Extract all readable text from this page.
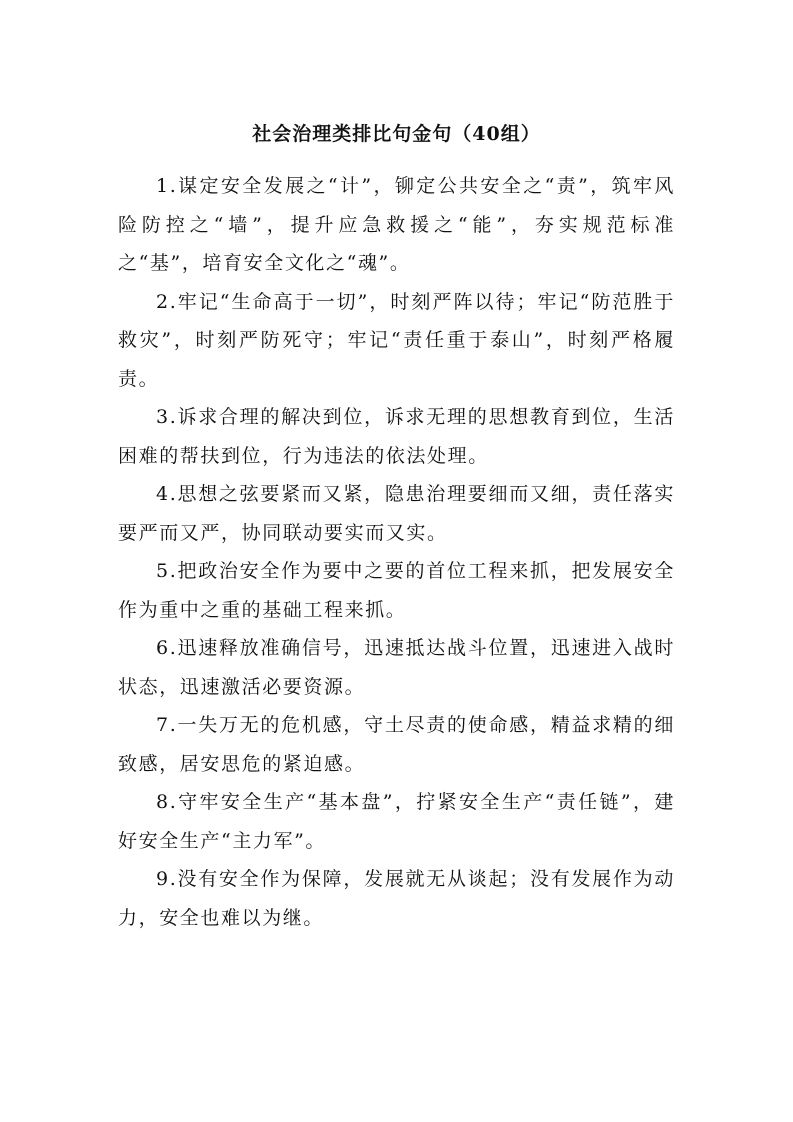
社会治理类排比句金句（40组）

1.谋定安全发展之“计”，铆定公共安全之“责”，筑牢风险防控之“墙”，提升应急救援之“能”，夯实规范标准之“基”，培育安全文化之“魂”。

2.牢记“生命高于一切”，时刻严阵以待；牢记“防范胜于救灾”，时刻严防死守；牢记“责任重于泰山”，时刻严格履责。

3.诉求合理的解决到位，诉求无理的思想教育到位，生活困难的帮扶到位，行为违法的依法处理。

4.思想之弦要紧而又紧，隐患治理要细而又细，责任落实要严而又严，协同联动要实而又实。

5.把政治安全作为要中之要的首位工程来抓，把发展安全作为重中之重的基础工程来抓。

6.迅速释放准确信号，迅速抵达战斗位置，迅速进入战时状态，迅速激活必要资源。

7.一失万无的危机感，守土尽责的使命感，精益求精的细致感，居安思危的紧迫感。

8.守牢安全生产“基本盘”，拧紧安全生产“责任链”，建好安全生产“主力军”。

9.没有安全作为保障，发展就无从谈起；没有发展作为动力，安全也难以为继。
